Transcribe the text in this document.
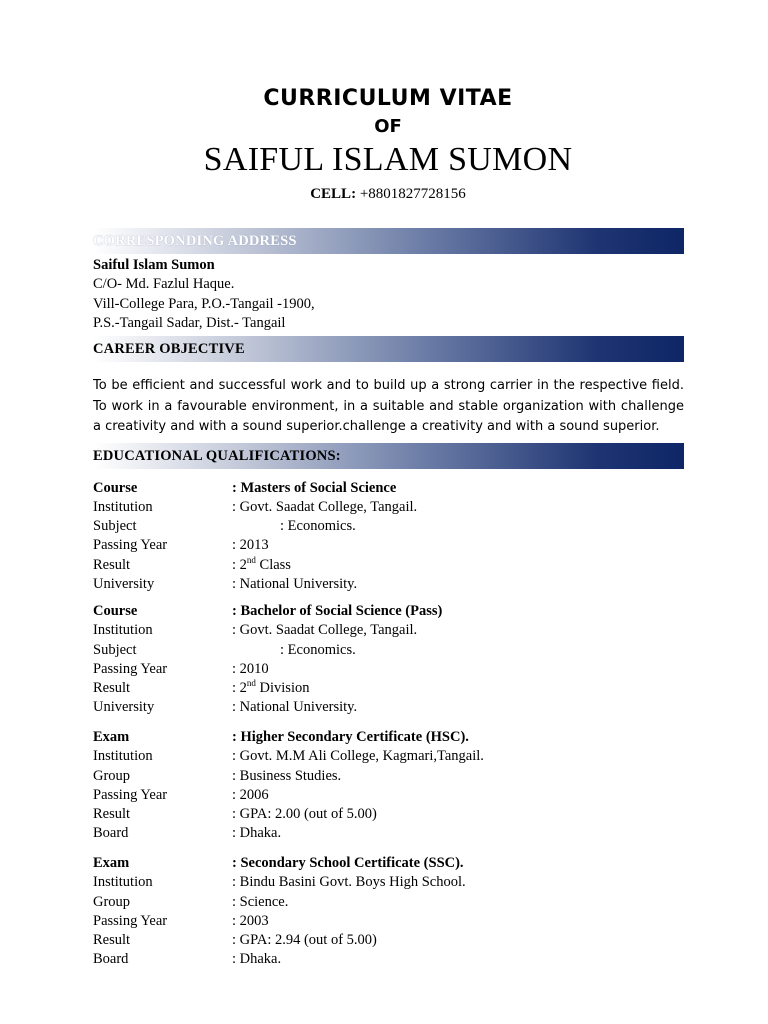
CURRICULUM VITAE
OF
SAIFUL ISLAM SUMON
CELL: +8801827728156
CORRESPONDING ADDRESS
Saiful Islam Sumon
C/O- Md. Fazlul Haque.
Vill-College Para, P.O.-Tangail -1900,
P.S.-Tangail Sadar, Dist.- Tangail
CAREER OBJECTIVE
To be efficient and successful work and to build up a strong carrier in the respective field. To work in a favourable environment, in a suitable and stable organization with challenge a creativity and with a sound superior.challenge a creativity and with a sound superior.
EDUCATIONAL QUALIFICATIONS:
Course	: Masters of Social Science
Institution	: Govt. Saadat College, Tangail.
Subject	: Economics.
Passing Year	: 2013
Result	: 2nd Class
University	: National University.
Course	: Bachelor of Social Science (Pass)
Institution	: Govt. Saadat College, Tangail.
Subject	: Economics.
Passing Year	: 2010
Result	: 2nd Division
University	: National University.
Exam	: Higher Secondary Certificate (HSC).
Institution	: Govt. M.M Ali College, Kagmari,Tangail.
Group	: Business Studies.
Passing Year	: 2006
Result	: GPA: 2.00 (out of 5.00)
Board	: Dhaka.
Exam	: Secondary School Certificate (SSC).
Institution	: Bindu Basini Govt. Boys High School.
Group	: Science.
Passing Year	: 2003
Result	: GPA: 2.94 (out of 5.00)
Board	: Dhaka.
